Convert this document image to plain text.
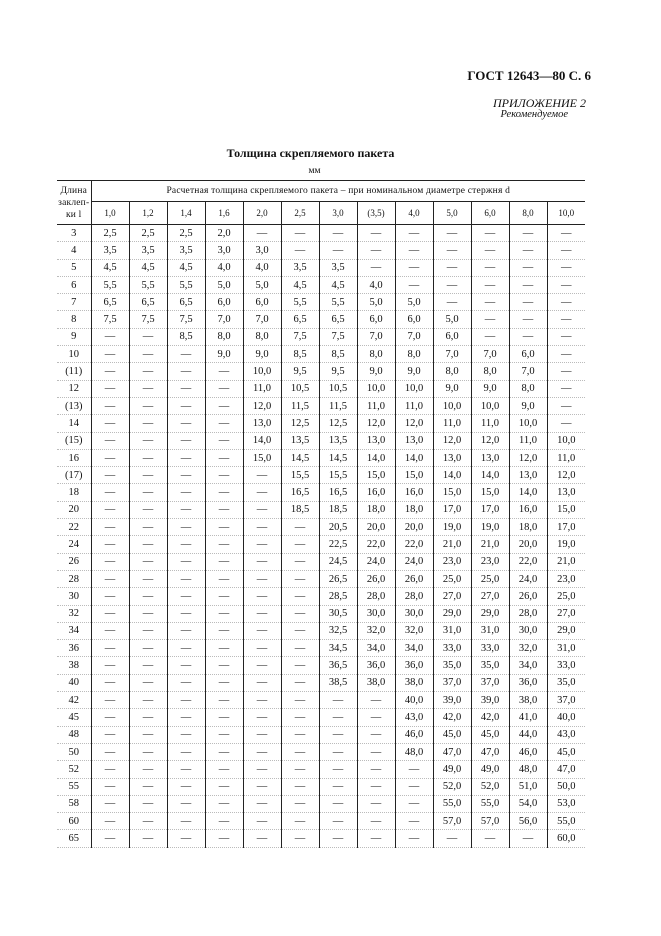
ГОСТ 12643—80 С. 6
ПРИЛОЖЕНИЕ 2
Рекомендуемое
Толщина скрепляемого пакета
мм
Длина
заклеп-
ки l	Расчетная толщина скрепляемого пакета – при номинальном диаметре стержня d												
	1,0	1,2	1,4	1,6	2,0	2,5	3,0	(3,5)	4,0	5,0	6,0	8,0	10,0
3	2,5	2,5	2,5	2,0	—	—	—	—	—	—	—	—	—
4	3,5	3,5	3,5	3,0	3,0	—	—	—	—	—	—	—	—
5	4,5	4,5	4,5	4,0	4,0	3,5	3,5	—	—	—	—	—	—
6	5,5	5,5	5,5	5,0	5,0	4,5	4,5	4,0	—	—	—	—	—
7	6,5	6,5	6,5	6,0	6,0	5,5	5,5	5,0	5,0	—	—	—	—
8	7,5	7,5	7,5	7,0	7,0	6,5	6,5	6,0	6,0	5,0	—	—	—
9	—	—	8,5	8,0	8,0	7,5	7,5	7,0	7,0	6,0	—	—	—
10	—	—	—	9,0	9,0	8,5	8,5	8,0	8,0	7,0	7,0	6,0	—
(11)	—	—	—	—	10,0	9,5	9,5	9,0	9,0	8,0	8,0	7,0	—
12	—	—	—	—	11,0	10,5	10,5	10,0	10,0	9,0	9,0	8,0	—
(13)	—	—	—	—	12,0	11,5	11,5	11,0	11,0	10,0	10,0	9,0	—
14	—	—	—	—	13,0	12,5	12,5	12,0	12,0	11,0	11,0	10,0	—
(15)	—	—	—	—	14,0	13,5	13,5	13,0	13,0	12,0	12,0	11,0	10,0
16	—	—	—	—	15,0	14,5	14,5	14,0	14,0	13,0	13,0	12,0	11,0
(17)	—	—	—	—	—	15,5	15,5	15,0	15,0	14,0	14,0	13,0	12,0
18	—	—	—	—	—	16,5	16,5	16,0	16,0	15,0	15,0	14,0	13,0
20	—	—	—	—	—	18,5	18,5	18,0	18,0	17,0	17,0	16,0	15,0
22	—	—	—	—	—	—	20,5	20,0	20,0	19,0	19,0	18,0	17,0
24	—	—	—	—	—	—	22,5	22,0	22,0	21,0	21,0	20,0	19,0
26	—	—	—	—	—	—	24,5	24,0	24,0	23,0	23,0	22,0	21,0
28	—	—	—	—	—	—	26,5	26,0	26,0	25,0	25,0	24,0	23,0
30	—	—	—	—	—	—	28,5	28,0	28,0	27,0	27,0	26,0	25,0
32	—	—	—	—	—	—	30,5	30,0	30,0	29,0	29,0	28,0	27,0
34	—	—	—	—	—	—	32,5	32,0	32,0	31,0	31,0	30,0	29,0
36	—	—	—	—	—	—	34,5	34,0	34,0	33,0	33,0	32,0	31,0
38	—	—	—	—	—	—	36,5	36,0	36,0	35,0	35,0	34,0	33,0
40	—	—	—	—	—	—	38,5	38,0	38,0	37,0	37,0	36,0	35,0
42	—	—	—	—	—	—	—	—	40,0	39,0	39,0	38,0	37,0
45	—	—	—	—	—	—	—	—	43,0	42,0	42,0	41,0	40,0
48	—	—	—	—	—	—	—	—	46,0	45,0	45,0	44,0	43,0
50	—	—	—	—	—	—	—	—	48,0	47,0	47,0	46,0	45,0
52	—	—	—	—	—	—	—	—	—	49,0	49,0	48,0	47,0
55	—	—	—	—	—	—	—	—	—	52,0	52,0	51,0	50,0
58	—	—	—	—	—	—	—	—	—	55,0	55,0	54,0	53,0
60	—	—	—	—	—	—	—	—	—	57,0	57,0	56,0	55,0
65	—	—	—	—	—	—	—	—	—	—	—	—	60,0
